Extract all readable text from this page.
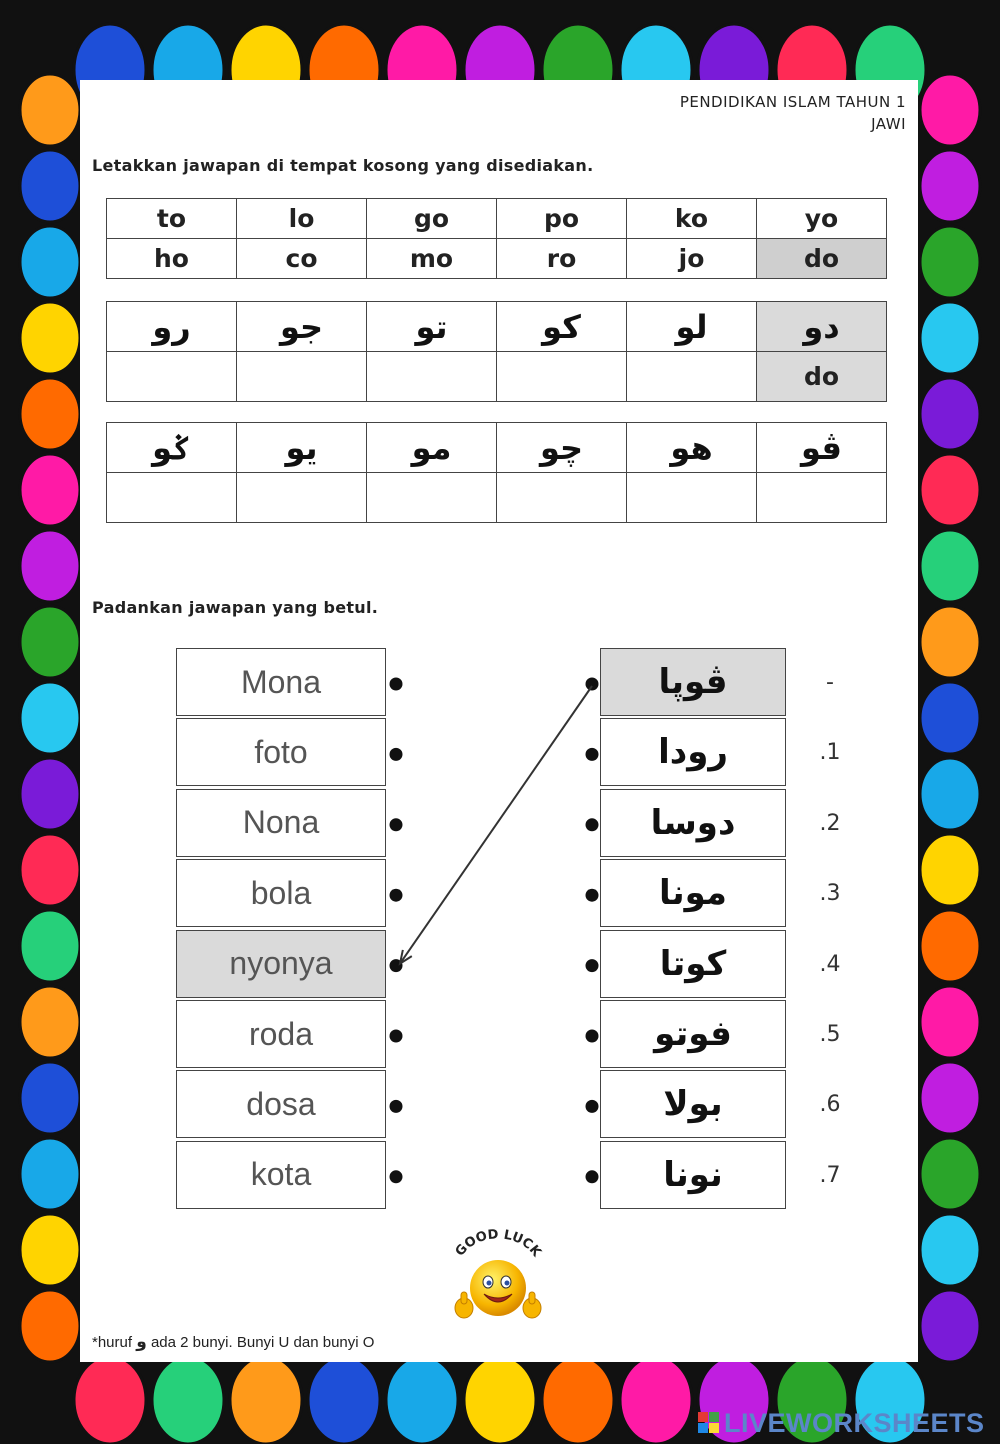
PENDIDIKAN ISLAM TAHUN 1
JAWI
Letakkan jawapan di tempat kosong yang disediakan.
to	lo	go	po	ko	yo
ho	co	mo	ro	jo	do
رو	جو	تو	كو	لو	دو
					do
ݢو	يو	مو	چو	هو	ڤو

Padankan jawapan yang betul.
GOOD LUCK
*huruf و ada 2 bunyi. Bunyi U dan bunyi O
Mona	ڤوڽا	-
foto	رودا	.1
Nona	دوسا	.2
bola	مونا	.3
nyonya	كوتا	.4
roda	فوتو	.5
dosa	بولا	.6
kota	نونا	.7
LIVEWORKSHEETS
